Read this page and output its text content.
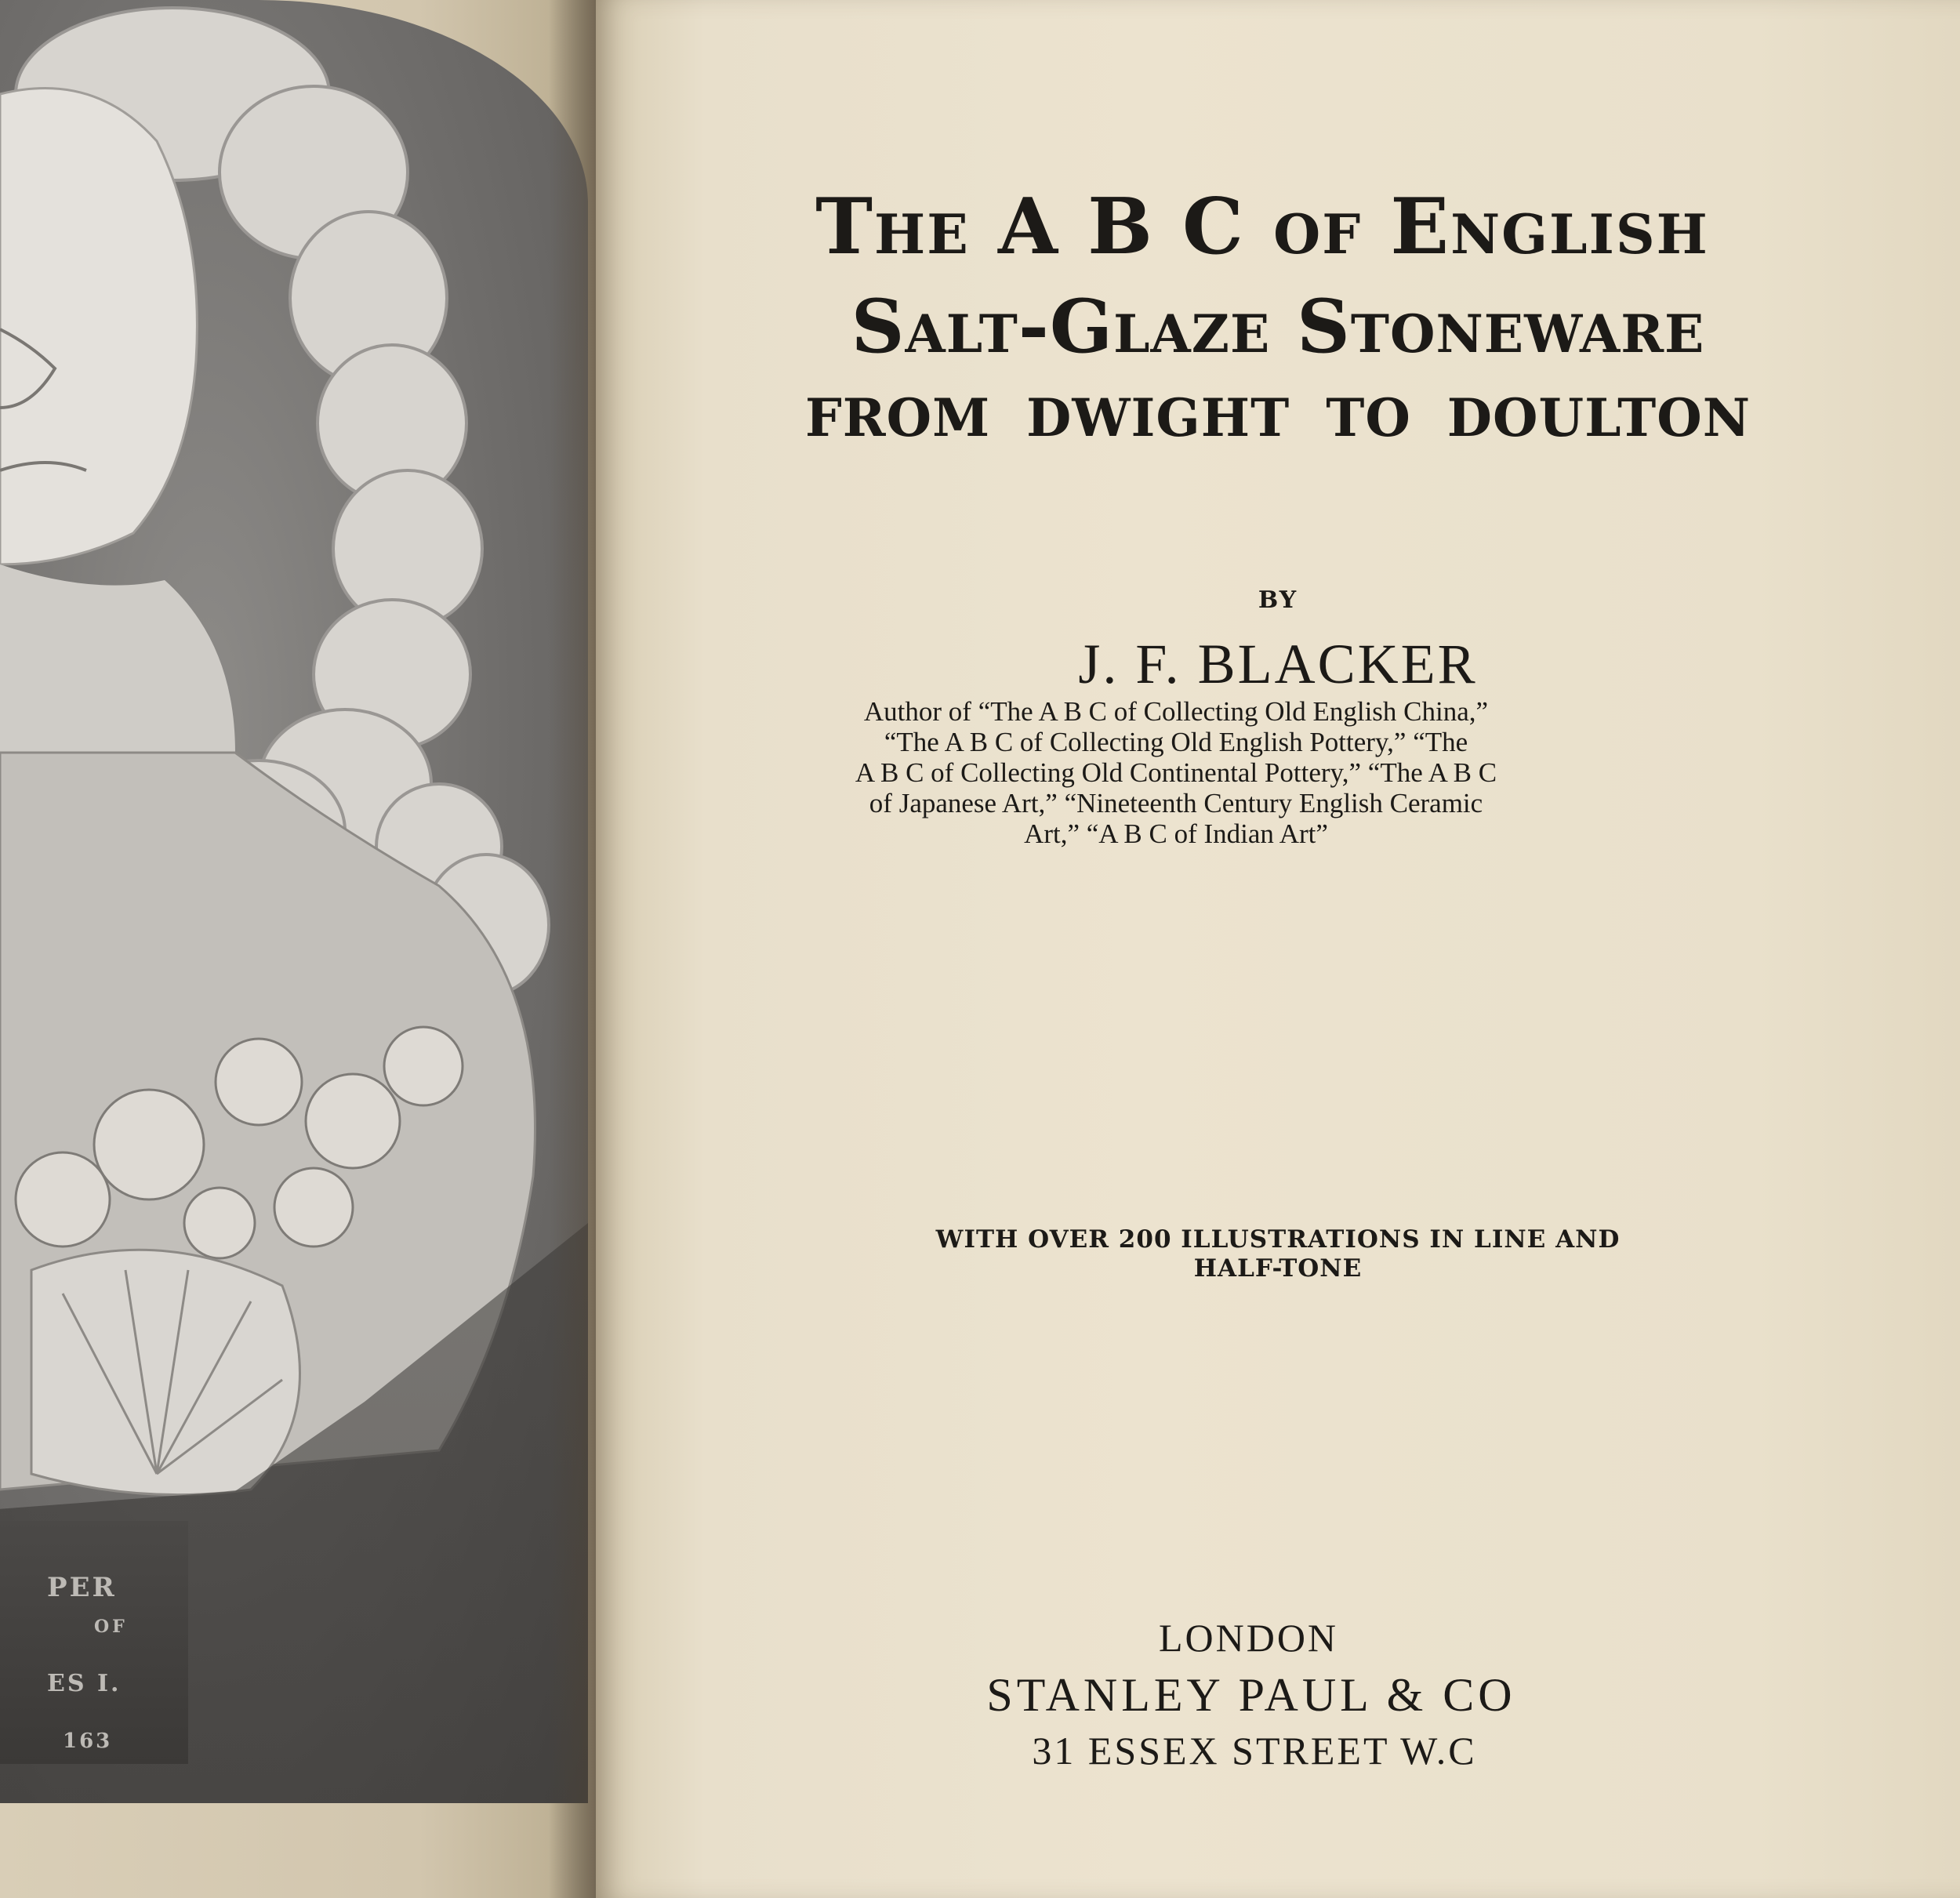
PER
OF
ES I.
163
The A B C of English
Salt-Glaze Stoneware
FROM DWIGHT TO DOULTON
BY
J. F. BLACKER
Author of “The A B C of Collecting Old English China,”
“The A B C of Collecting Old English Pottery,” “The
A B C of Collecting Old Continental Pottery,” “The A B C
of Japanese Art,” “Nineteenth Century English Ceramic
Art,” “A B C of Indian Art”
WITH OVER 200 ILLUSTRATIONS IN LINE AND
HALF-TONE
LONDON
STANLEY PAUL & CO
31 ESSEX STREET W.C
